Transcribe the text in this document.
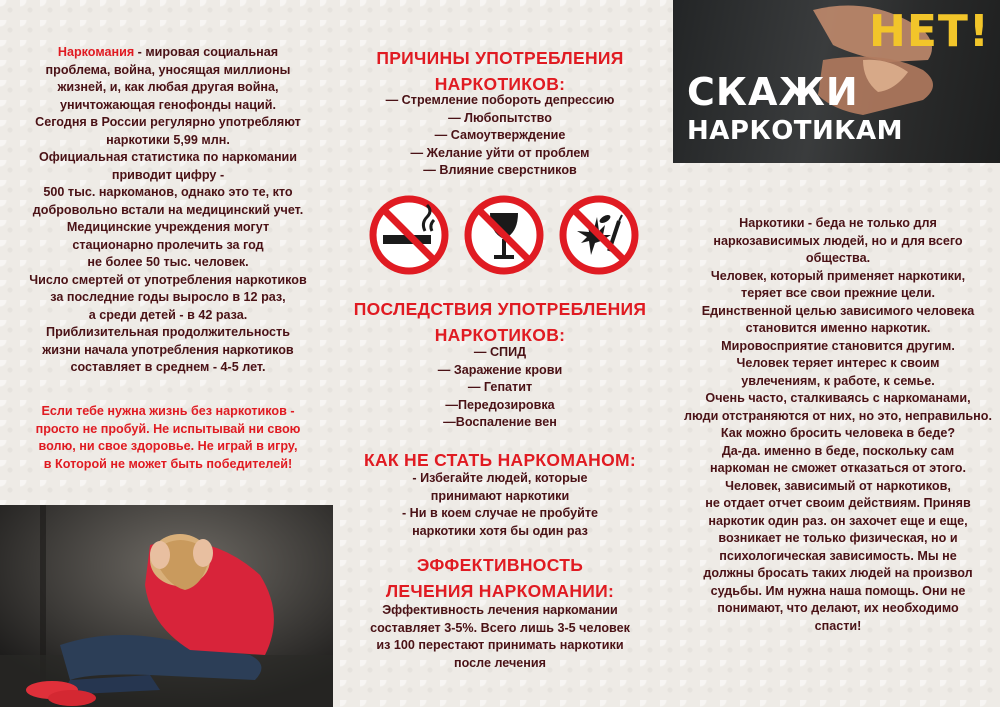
Наркомания - мировая социальная
проблема, война, уносящая миллионы
жизней, и, как любая другая война,
уничтожающая генофонды наций.
Сегодня в России регулярно употребляют
наркотики 5,99 млн.
Официальная статистика по наркомании
приводит цифру -
500 тыс. наркоманов, однако это те, кто
добровольно встали на медицинский учет.
Медицинские учреждения могут
стационарно пролечить за год
не более 50 тыс. человек.
Число смертей от употребления наркотиков
за последние годы выросло в 12 раз,
а среди детей - в 42 раза.
Приблизительная продолжительность
жизни начала употребления наркотиков
составляет в среднем - 4-5 лет.
Если тебе нужна жизнь без наркотиков -
просто не пробуй. Не испытывай ни свою
волю, ни свое здоровье. Не играй в игру,
в Которой не может быть победителей!
ПРИЧИНЫ УПОТРЕБЛЕНИЯ
НАРКОТИКОВ:
— Стремление побороть депрессию
— Любопытство
— Самоутверждение
— Желание уйти от проблем
— Влияние сверстников
ПОСЛЕДСТВИЯ УПОТРЕБЛЕНИЯ
НАРКОТИКОВ:
— СПИД
— Заражение крови
— Гепатит
—Передозировка
—Воспаление вен
КАК НЕ СТАТЬ НАРКОМАНОМ:
- Избегайте людей, которые
принимают наркотики
- Ни в коем случае не пробуйте
наркотики хотя бы один раз
ЭФФЕКТИВНОСТЬ
ЛЕЧЕНИЯ НАРКОМАНИИ:
Эффективность лечения наркомании
составляет 3-5%. Всего лишь 3-5 человек
из 100 перестают принимать наркотики
после лечения
НЕТ!
СКАЖИ
НАРКОТИКАМ
Наркотики - беда не только для
наркозависимых людей, но и для всего
общества.
Человек, который применяет наркотики,
теряет все свои прежние цели.
Единственной целью зависимого человека
становится именно наркотик.
Мировосприятие становится другим.
Человек теряет интерес к своим
увлечениям, к работе, к семье.
Очень часто, сталкиваясь с наркоманами,
люди отстраняются от них, но это, неправильно.
Как можно бросить человека в беде?
Да-да. именно в беде, поскольку сам
наркоман не сможет отказаться от этого.
Человек, зависимый от наркотиков,
не отдает отчет своим действиям. Приняв
наркотик один раз. он захочет еще и еще,
возникает не только физическая, но и
психологическая зависимость. Мы не
должны бросать таких людей на произвол
судьбы. Им нужна наша помощь. Они не
понимают, что делают, их необходимо
спасти!
